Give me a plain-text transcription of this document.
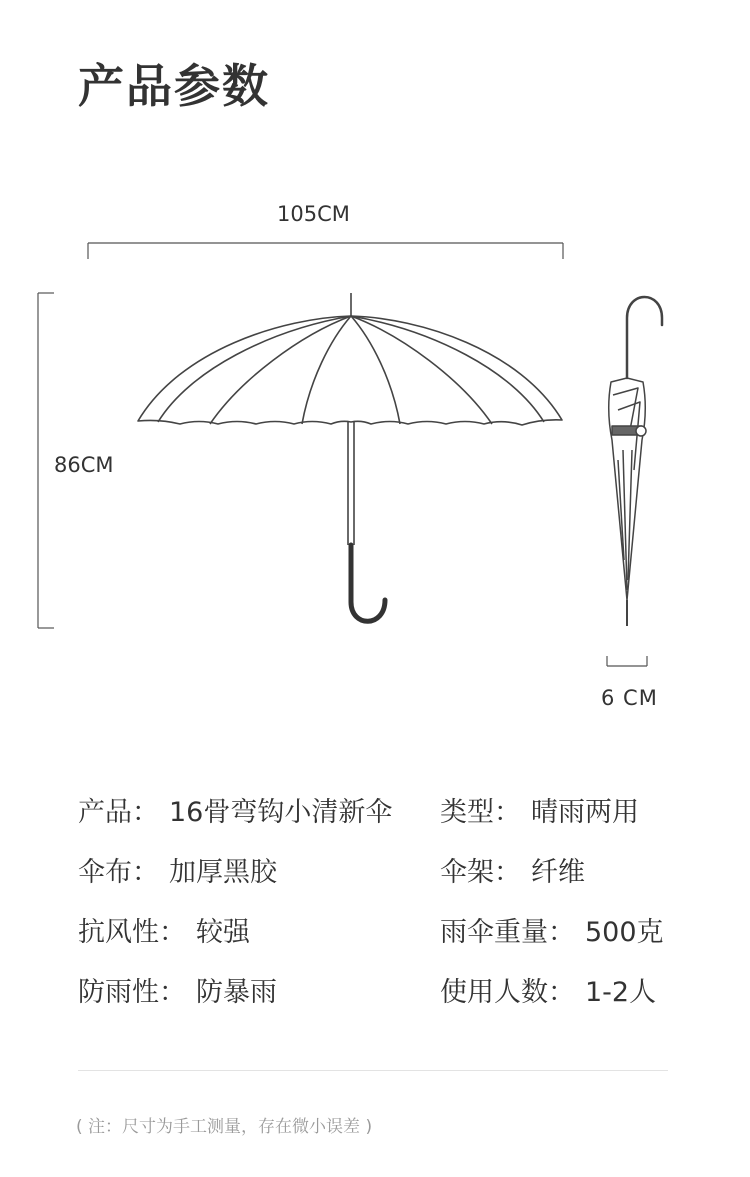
产品参数
105CM
86CM
6 CM
产品： 16骨弯钩小清新伞 类型： 晴雨两用
伞布： 加厚黑胶	伞架： 纤维
抗风性： 较强	雨伞重量： 500克
防雨性： 防暴雨	使用人数： 1-2人
( 注：尺寸为手工测量，存在微小误差 )
